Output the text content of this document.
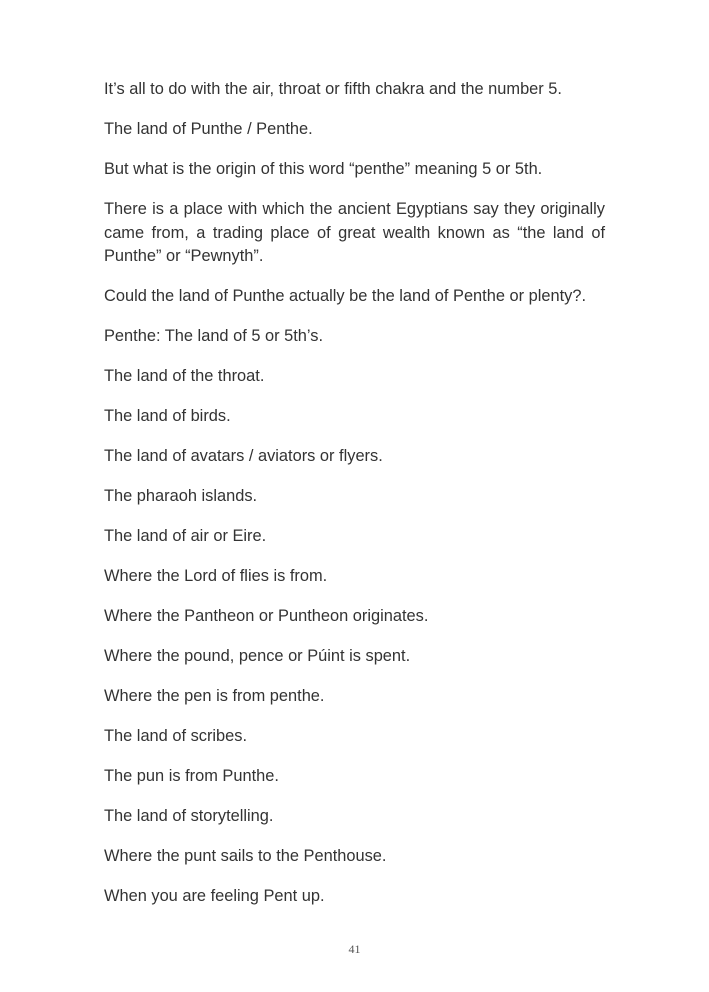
It’s all to do with the air, throat or fifth chakra and the number 5.

The land of Punthe / Penthe.

But what is the origin of this word “penthe” meaning 5 or 5th.

There is a place with which the ancient Egyptians say they originally came from, a trading place of great wealth known as “the land of Punthe” or “Pewnyth”.

Could the land of Punthe actually be the land of Penthe or plenty?.

Penthe: The land of 5 or 5th’s.

The land of the throat.

The land of birds.

The land of avatars / aviators or flyers.

The pharaoh islands.

The land of air or Eire.

Where the Lord of flies is from.

Where the Pantheon or Puntheon originates.

Where the pound, pence or Púint is spent.

Where the pen is from penthe.

The land of scribes.

The pun is from Punthe.

The land of storytelling.

Where the punt sails to the Penthouse.

When you are feeling Pent up.

41
